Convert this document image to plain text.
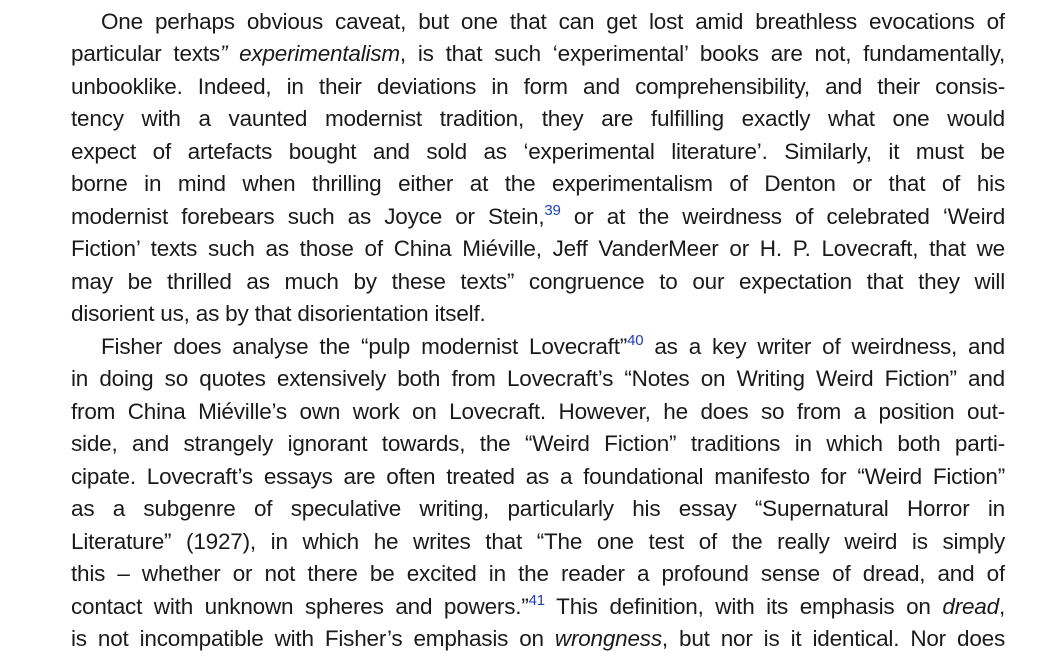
One perhaps obvious caveat, but one that can get lost amid breathless evocations of
particular texts” experimentalism, is that such ‘experimental’ books are not, fundamentally,
unbooklike. Indeed, in their deviations in form and comprehensibility, and their consis-
tency with a vaunted modernist tradition, they are fulfilling exactly what one would
expect of artefacts bought and sold as ‘experimental literature’. Similarly, it must be
borne in mind when thrilling either at the experimentalism of Denton or that of his
modernist forebears such as Joyce or Stein,$^{39}$ or at the weirdness of celebrated ‘Weird
Fiction’ texts such as those of China Miéville, Jeff VanderMeer or H. P. Lovecraft, that we
may be thrilled as much by these texts” congruence to our expectation that they will
disorient us, as by that disorientation itself.
Fisher does analyse the “pulp modernist Lovecraft”$^{40}$ as a key writer of weirdness, and
in doing so quotes extensively both from Lovecraft’s “Notes on Writing Weird Fiction” and
from China Miéville’s own work on Lovecraft. However, he does so from a position out-
side, and strangely ignorant towards, the “Weird Fiction” traditions in which both parti-
cipate. Lovecraft’s essays are often treated as a foundational manifesto for “Weird Fiction”
as a subgenre of speculative writing, particularly his essay “Supernatural Horror in
Literature” (1927), in which he writes that “The one test of the really weird is simply
this – whether or not there be excited in the reader a profound sense of dread, and of
contact with unknown spheres and powers.”$^{41}$ This definition, with its emphasis on dread,
is not incompatible with Fisher’s emphasis on wrongness, but nor is it identical. Nor does
